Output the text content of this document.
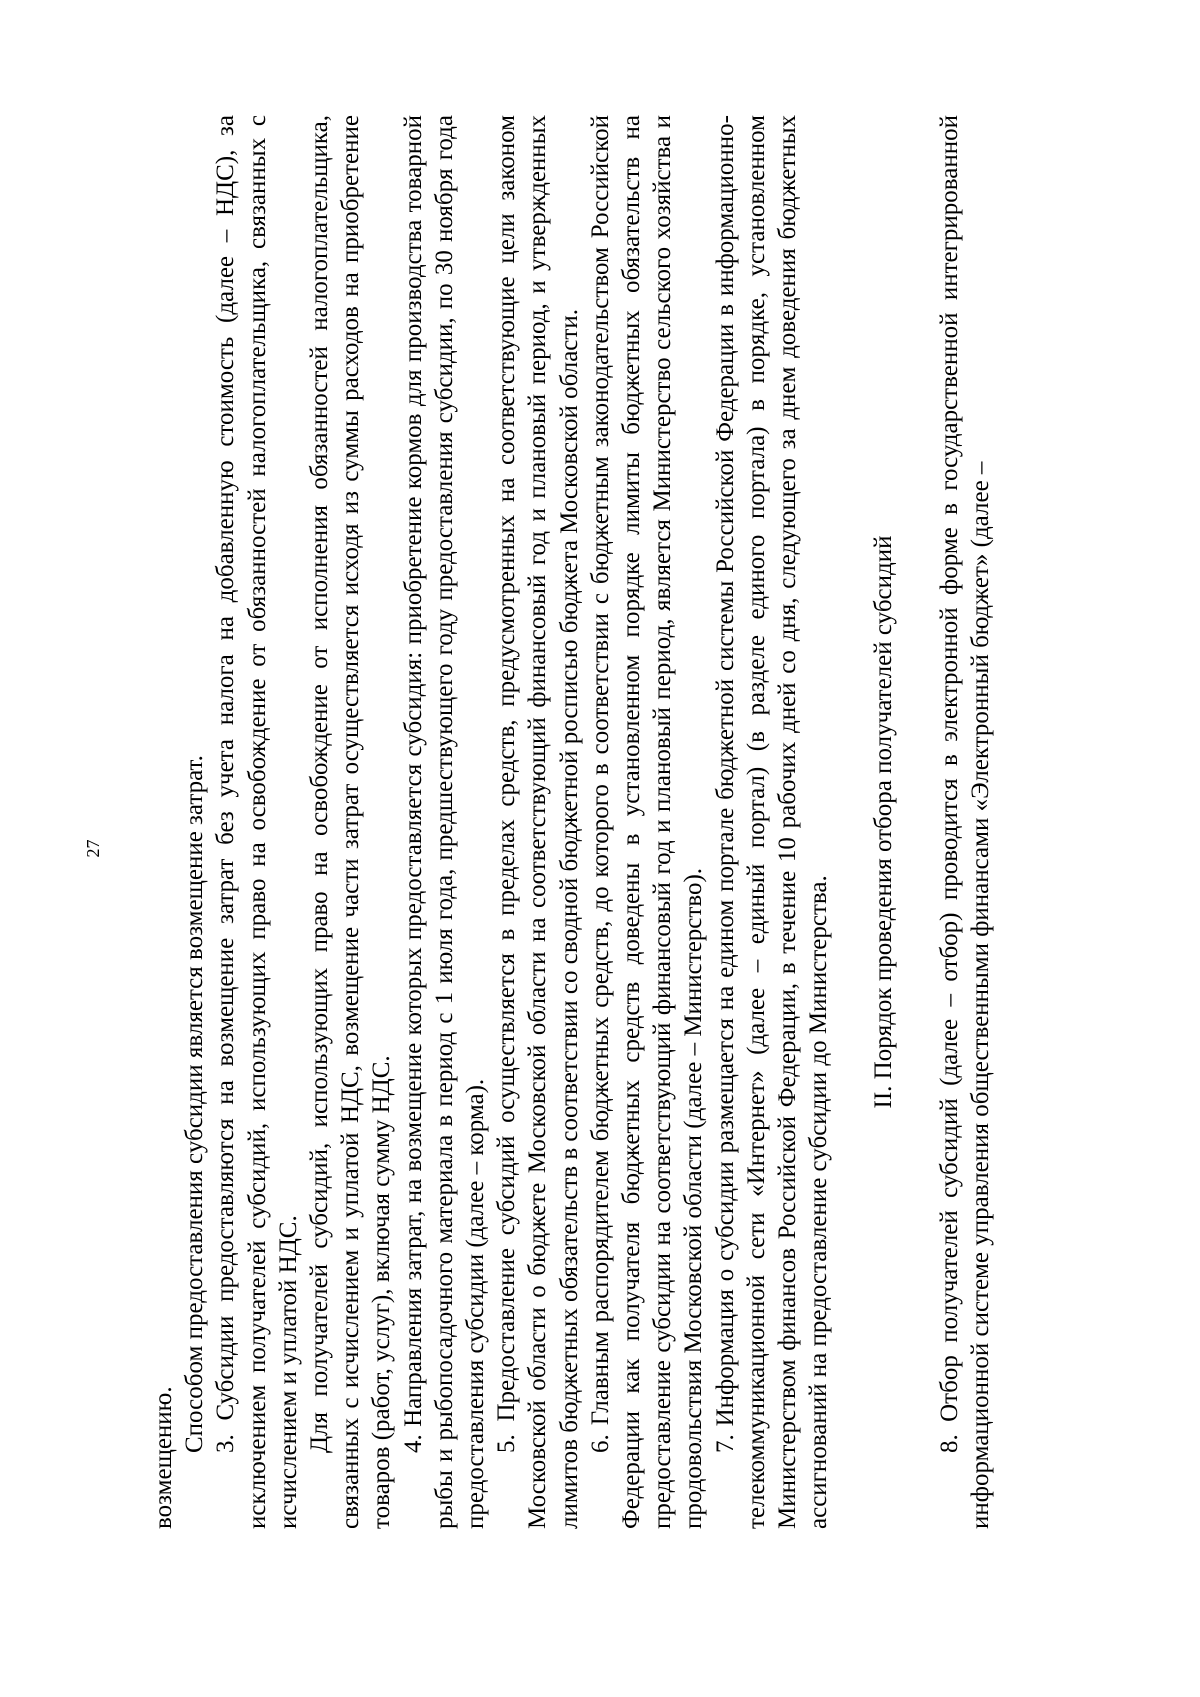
27

возмещению.

Способом предоставления субсидии является возмещение затрат. 3. Субсидии предоставляются на возмещение затрат без учета налога на добавленную стоимость (далее – НДС), за исключением получателей субсидий, использующих право на освобождение от обязанностей налогоплательщика, связанных с исчислением и уплатой НДС. Для получателей субсидий, использующих право на освобождение от исполнения обязанностей налогоплательщика, связанных с исчислением и уплатой НДС, возмещение части затрат осуществляется исходя из суммы расходов на приобретение товаров (работ, услуг), включая сумму НДС. 4. Направления затрат, на возмещение которых предоставляется субсидия: приобретение кормов для производства товарной рыбы и рыбопосадочного материала в период с 1 июля года, предшествующего году предоставления субсидии, по 30 ноября года предоставления субсидии (далее – корма). 5. Предоставление субсидий осуществляется в пределах средств, предусмотренных на соответствующие цели законом Московской области о бюджете Московской области на соответствующий финансовый год и плановый период, и утвержденных лимитов бюджетных обязательств в соответствии со сводной бюджетной росписью бюджета Московской области. 6. Главным распорядителем бюджетных средств, до которого в соответствии с бюджетным законодательством Российской Федерации как получателя бюджетных средств доведены в установленном порядке лимиты бюджетных обязательств на предоставление субсидии на соответствующий финансовый год и плановый период, является Министерство сельского хозяйства и продовольствия Московской области (далее – Министерство). 7. Информация о субсидии размещается на едином портале бюджетной системы Российской Федерации в информационно-телекоммуникационной сети «Интернет» (далее – единый портал) (в разделе единого портала) в порядке, установленном Министерством финансов Российской Федерации, в течение 10 рабочих дней со дня, следующего за днем доведения бюджетных ассигнований на предоставление субсидии до Министерства.

II. Порядок проведения отбора получателей субсидий 8. Отбор получателей субсидий (далее – отбор) проводится в электронной форме в государственной интегрированной информационной системе управления общественными финансами «Электронный бюджет» (далее –
